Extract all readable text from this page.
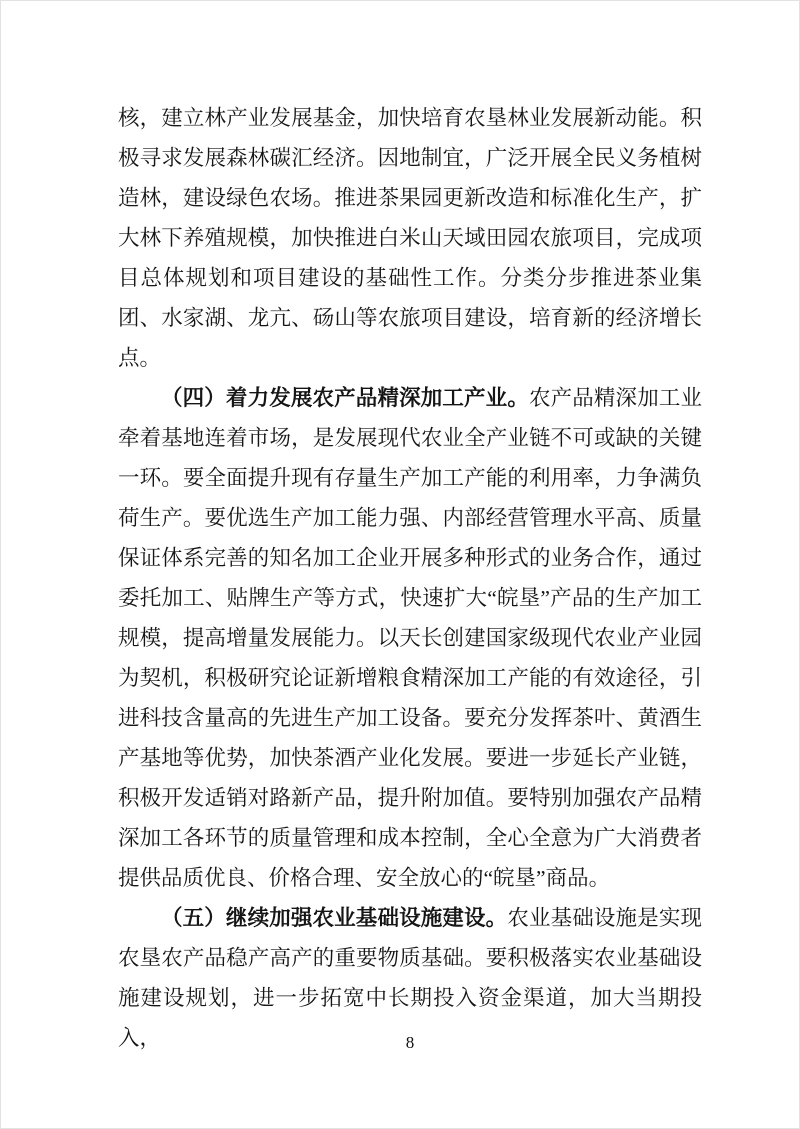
核，建立林产业发展基金，加快培育农垦林业发展新动能。积极寻求发展森林碳汇经济。因地制宜，广泛开展全民义务植树造林，建设绿色农场。推进茶果园更新改造和标准化生产，扩大林下养殖规模，加快推进白米山天域田园农旅项目，完成项目总体规划和项目建设的基础性工作。分类分步推进茶业集团、水家湖、龙亢、砀山等农旅项目建设，培育新的经济增长点。

（四）着力发展农产品精深加工产业。农产品精深加工业牵着基地连着市场，是发展现代农业全产业链不可或缺的关键一环。要全面提升现有存量生产加工产能的利用率，力争满负荷生产。要优选生产加工能力强、内部经营管理水平高、质量保证体系完善的知名加工企业开展多种形式的业务合作，通过委托加工、贴牌生产等方式，快速扩大“皖垦”产品的生产加工规模，提高增量发展能力。以天长创建国家级现代农业产业园为契机，积极研究论证新增粮食精深加工产能的有效途径，引进科技含量高的先进生产加工设备。要充分发挥茶叶、黄酒生产基地等优势，加快茶酒产业化发展。要进一步延长产业链，积极开发适销对路新产品，提升附加值。要特别加强农产品精深加工各环节的质量管理和成本控制，全心全意为广大消费者提供品质优良、价格合理、安全放心的“皖垦”商品。

（五）继续加强农业基础设施建设。农业基础设施是实现农垦农产品稳产高产的重要物质基础。要积极落实农业基础设施建设规划，进一步拓宽中长期投入资金渠道，加大当期投入，	8
